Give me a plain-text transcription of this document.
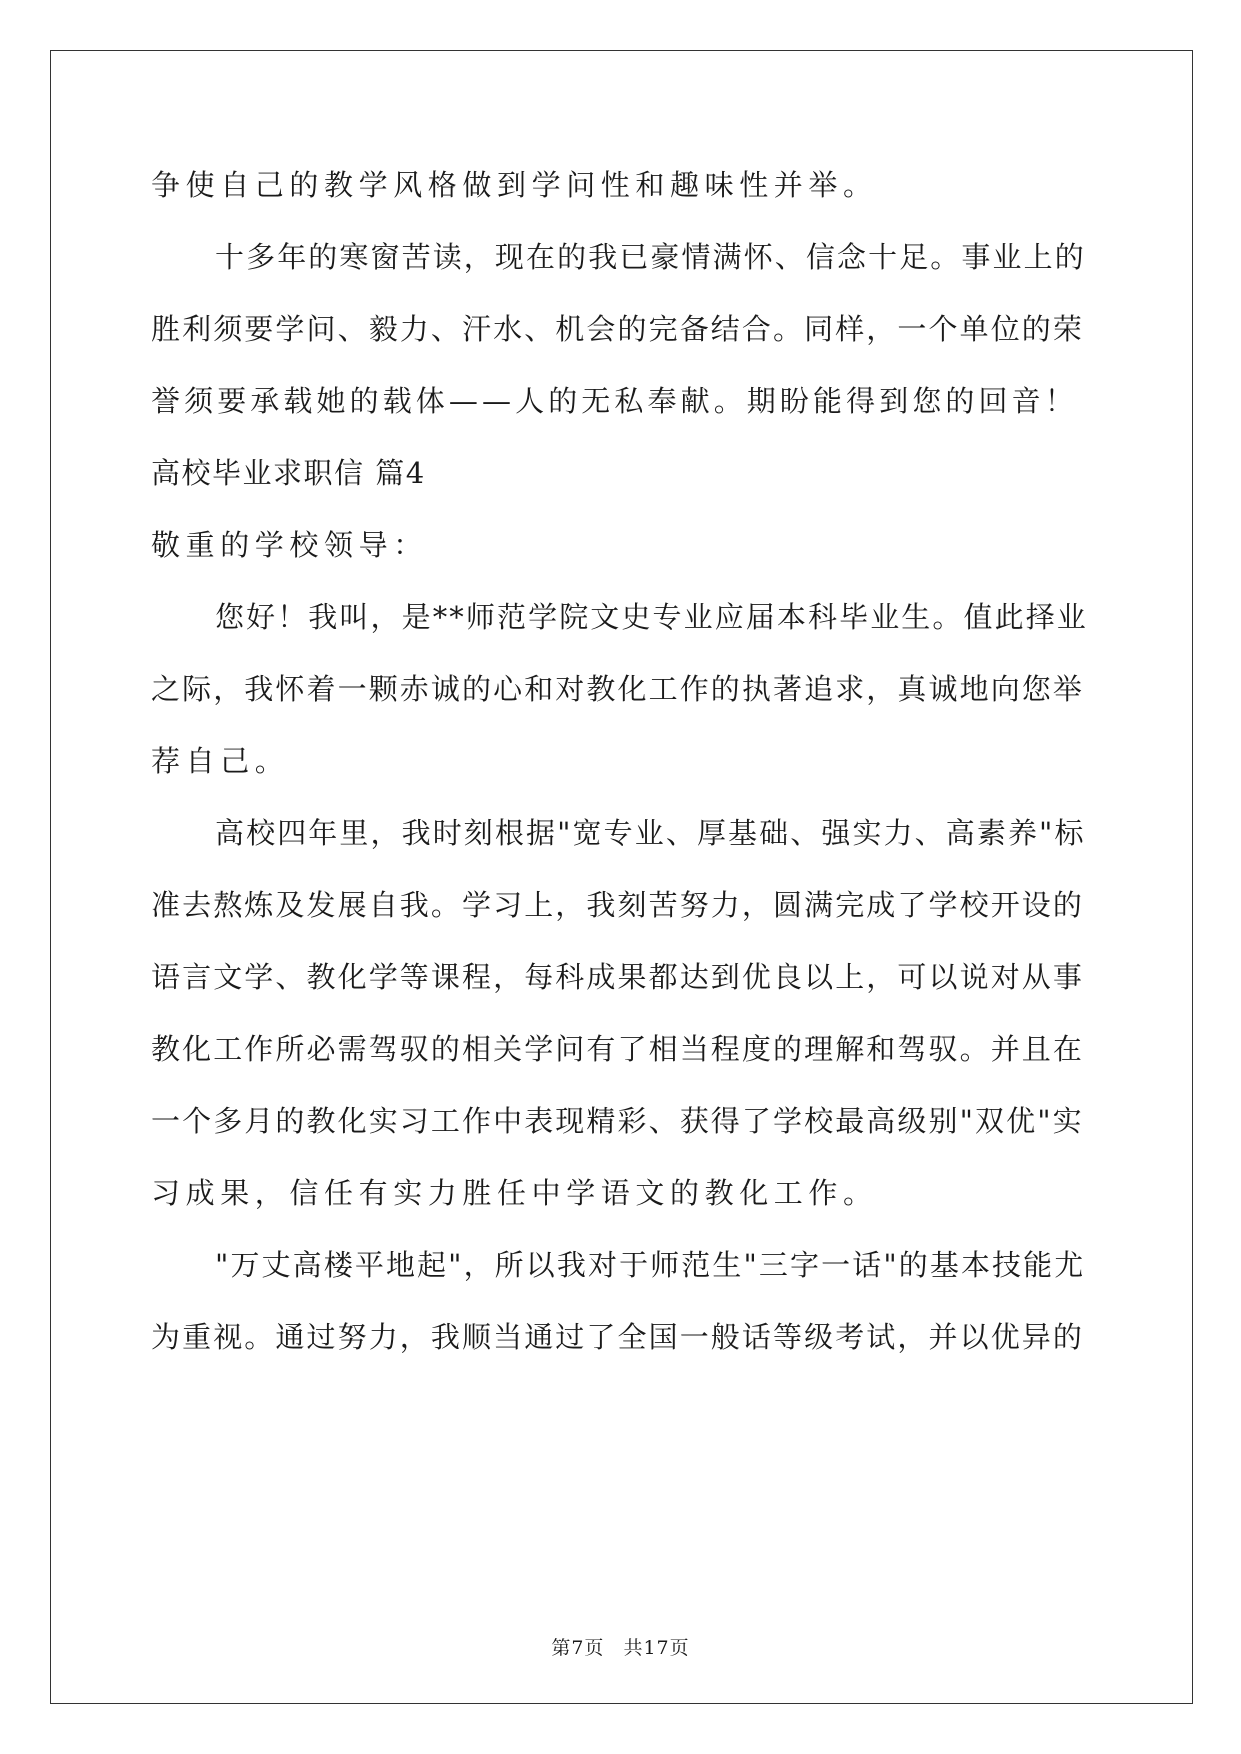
争使自己的教学风格做到学问性和趣味性并举。
十多年的寒窗苦读，现在的我已豪情满怀、信念十足。事业上的
胜利须要学问、毅力、汗水、机会的完备结合。同样，一个单位的荣
誉须要承载她的载体——人的无私奉献。期盼能得到您的回音！
高校毕业求职信 篇4
敬重的学校领导：
您好！我叫，是**师范学院文史专业应届本科毕业生。值此择业
之际，我怀着一颗赤诚的心和对教化工作的执著追求，真诚地向您举
荐自己。
高校四年里，我时刻根据"宽专业、厚基础、强实力、高素养"标
准去熬炼及发展自我。学习上，我刻苦努力，圆满完成了学校开设的
语言文学、教化学等课程，每科成果都达到优良以上，可以说对从事
教化工作所必需驾驭的相关学问有了相当程度的理解和驾驭。并且在
一个多月的教化实习工作中表现精彩、获得了学校最高级别"双优"实
习成果，信任有实力胜任中学语文的教化工作。
"万丈高楼平地起"，所以我对于师范生"三字一话"的基本技能尤
为重视。通过努力，我顺当通过了全国一般话等级考试，并以优异的
第7页 共17页
